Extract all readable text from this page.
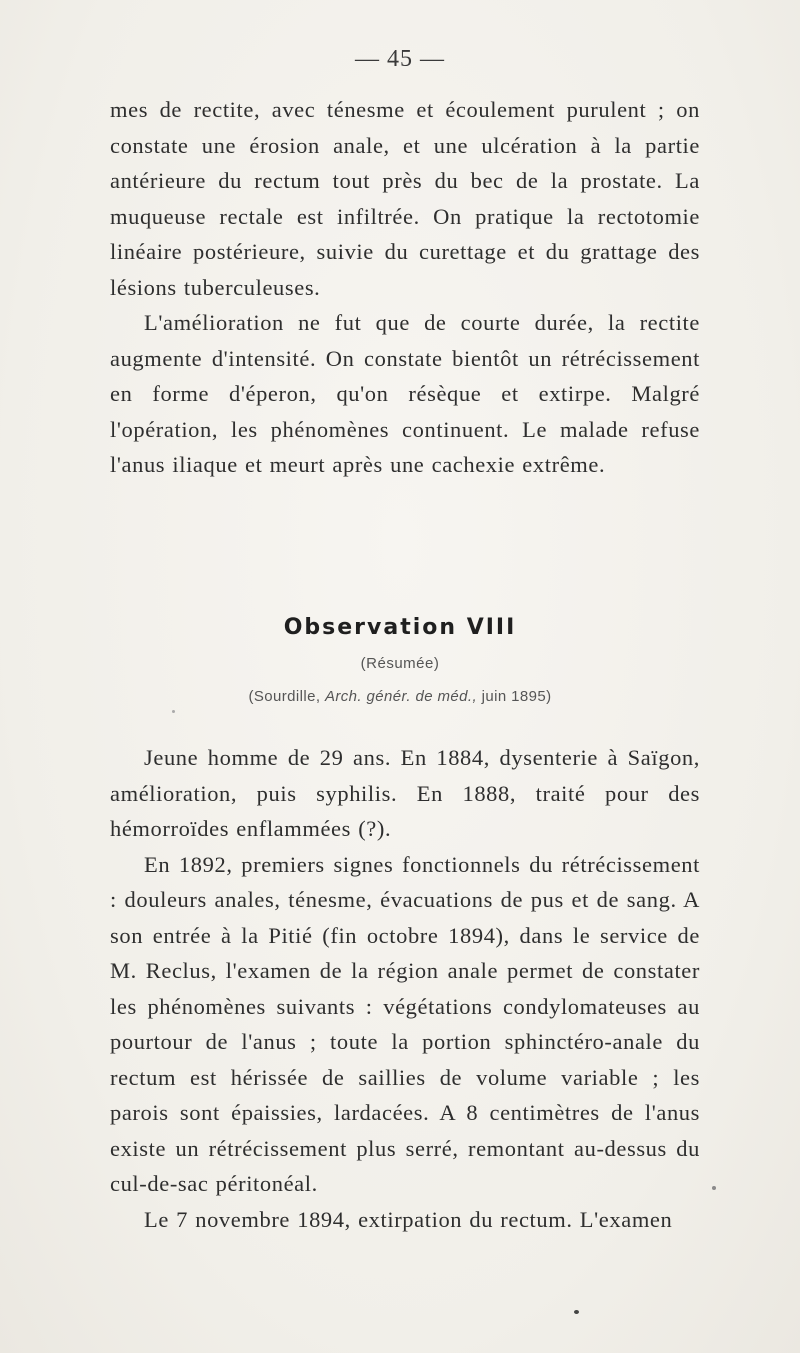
— 45 —

mes de rectite, avec ténesme et écoulement purulent ; on constate une érosion anale, et une ulcération à la partie antérieure du rectum tout près du bec de la prostate. La muqueuse rectale est infiltrée. On pratique la rectotomie linéaire postérieure, suivie du curettage et du grattage des lésions tuberculeuses.

L'amélioration ne fut que de courte durée, la rectite augmente d'intensité. On constate bientôt un rétrécissement en forme d'éperon, qu'on résèque et extirpe. Malgré l'opération, les phénomènes continuent. Le malade refuse l'anus iliaque et meurt après une cachexie extrême.

Observation VIII
(Résumée)
(Sourdille, Arch. génér. de méd., juin 1895)

Jeune homme de 29 ans. En 1884, dysenterie à Saïgon, amélioration, puis syphilis. En 1888, traité pour des hémorroïdes enflammées (?).

En 1892, premiers signes fonctionnels du rétrécissement : douleurs anales, ténesme, évacuations de pus et de sang. A son entrée à la Pitié (fin octobre 1894), dans le service de M. Reclus, l'examen de la région anale permet de constater les phénomènes suivants : végétations condylomateuses au pourtour de l'anus ; toute la portion sphinctéro-anale du rectum est hérissée de saillies de volume variable ; les parois sont épaissies, lardacées. A 8 centimètres de l'anus existe un rétrécissement plus serré, remontant au-dessus du cul-de-sac péritonéal.

Le 7 novembre 1894, extirpation du rectum. L'examen
